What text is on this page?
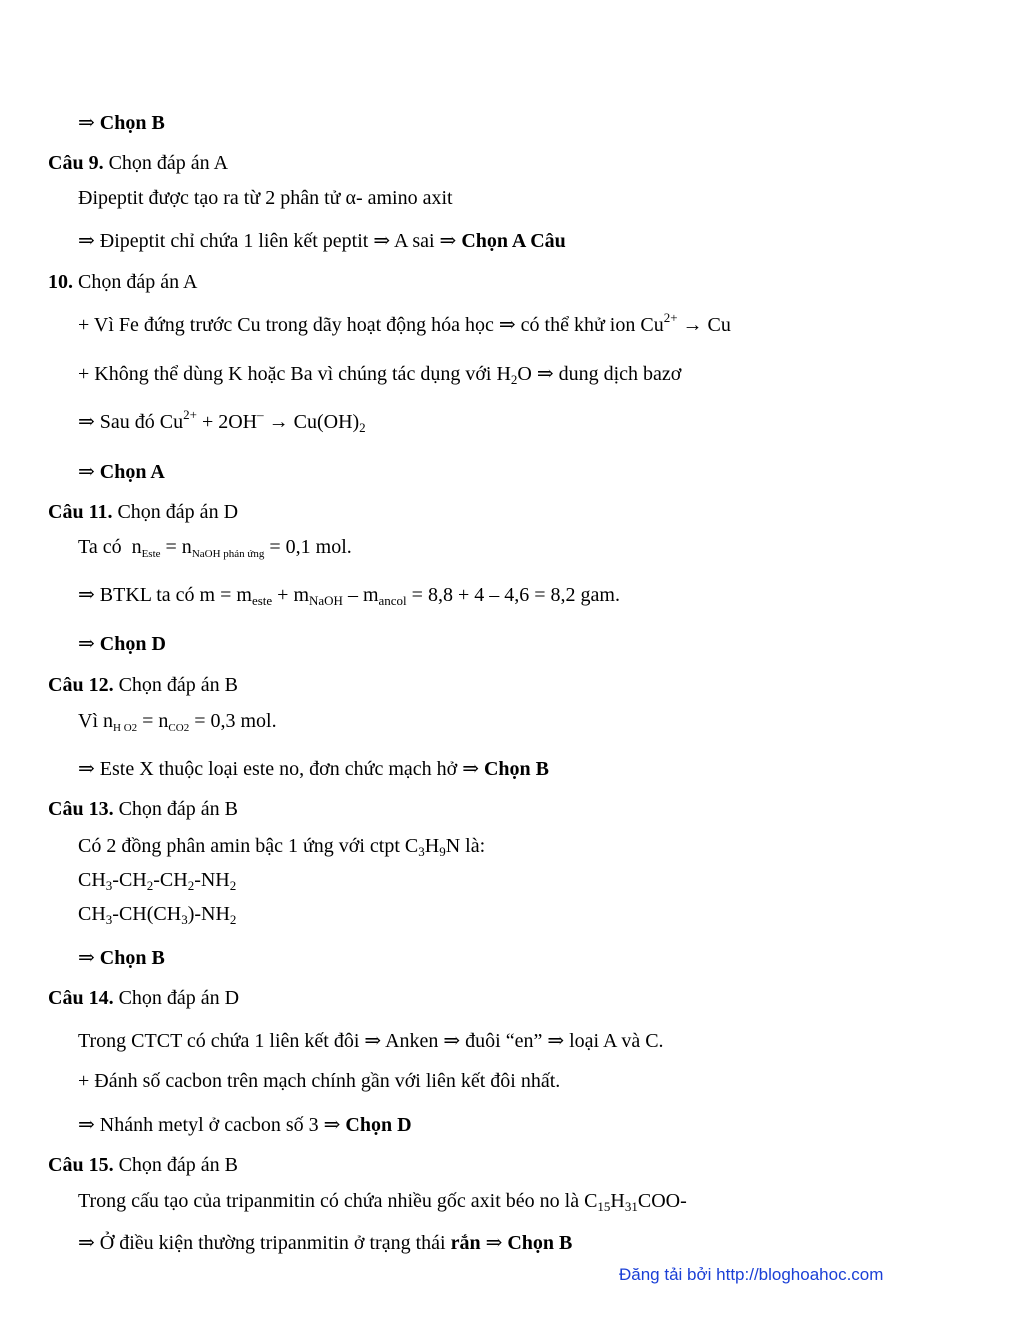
⇒ Chọn B
Câu 9. Chọn đáp án A
Đipeptit được tạo ra từ 2 phân tử α- amino axit
⇒ Đipeptit chỉ chứa 1 liên kết peptit ⇒ A sai ⇒ Chọn A Câu
10. Chọn đáp án A
+ Vì Fe đứng trước Cu trong dãy hoạt động hóa học ⇒ có thể khử ion $Cu^{2+} \to Cu$
+ Không thể dùng K hoặc Ba vì chúng tác dụng với $H_2O$ ⇒ dung dịch bazơ
⇒ Sau đó $Cu^{2+} + 2OH^- \to Cu(OH)_2$
⇒ Chọn A
Câu 11. Chọn đáp án D
Ta có $n_{Este} = n_{NaOH phản ứng} = 0,1$ mol.
⇒ BTKL ta có $m = m_{este} + m_{NaOH} - m_{ancol} = 8,8 + 4 - 4,6 = 8,2$ gam.
⇒ Chọn D
Câu 12. Chọn đáp án B
Vì $n_{H O2} = n_{CO2} = 0,3$ mol.
⇒ Este X thuộc loại este no, đơn chức mạch hở ⇒ Chọn B
Câu 13. Chọn đáp án B
Có 2 đồng phân amin bậc 1 ứng với ctpt $C_3H_9N$ là:
$CH_3-CH_2-CH_2-NH_2$
$CH_3-CH(CH_3)-NH_2$
⇒ Chọn B
Câu 14. Chọn đáp án D
Trong CTCT có chứa 1 liên kết đôi ⇒ Anken ⇒ đuôi “en” ⇒ loại A và C.
+ Đánh số cacbon trên mạch chính gần với liên kết đôi nhất.
⇒ Nhánh metyl ở cacbon số 3 ⇒ Chọn D
Câu 15. Chọn đáp án B
Trong cấu tạo của tripanmitin có chứa nhiều gốc axit béo no là $C_{15}H_{31}COO-$
⇒ Ở điều kiện thường tripanmitin ở trạng thái rắn ⇒ Chọn B
Đăng tải bởi http://bloghoahoc.com
